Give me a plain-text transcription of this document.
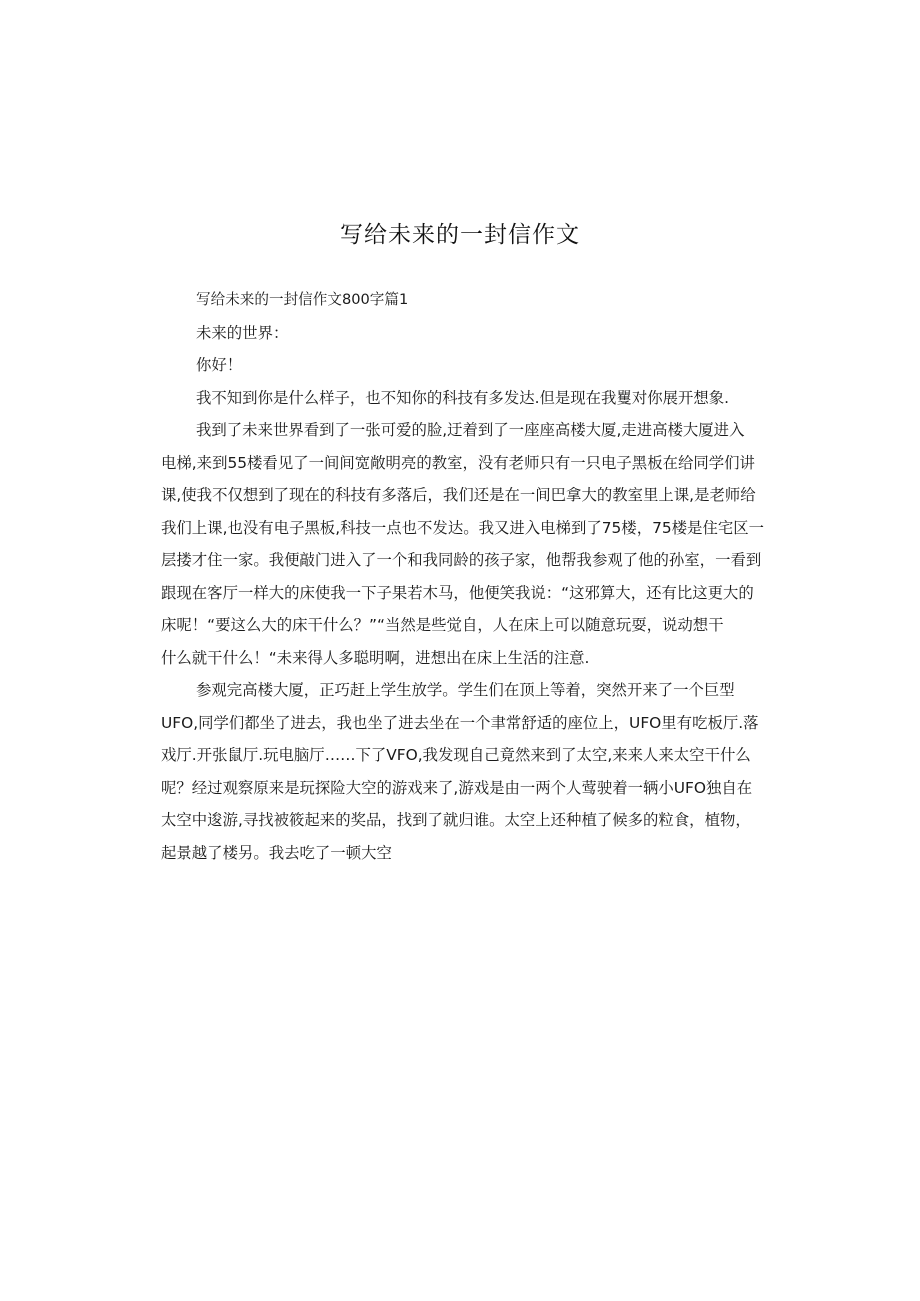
写给未来的一封信作文

写给未来的一封信作文800字篇1

未来的世界：

你好！

我不知到你是什么样子，也不知你的科技有多发达.但是现在我矍对你展开想象.

我到了未来世界看到了一张可爱的脸,迂着到了一座座高楼大厦,走进高楼大厦进入
电梯,来到55楼看见了一间间宽敞明亮的教室，没有老师只有一只电子黑板在给同学们讲
课,使我不仅想到了现在的科技有多落后，我们还是在一间巴拿大的教室里上课,是老师给
我们上课,也没有电子黑板,科技一点也不发达。我又进入电梯到了75楼，75楼是住宅区一
层搂才住一家。我便敲门进入了一个和我同龄的孩子家，他帮我参观了他的孙室，一看到
跟现在客厅一样大的床使我一下子果若木马，他便笑我说：“这邪算大，还有比这更大的
床呢！“要这么大的床干什么？”“当然是些觉自，人在床上可以随意玩耍，说动想干
什么就干什么！“未来得人多聪明啊，进想出在床上生活的注意.

参观完高楼大厦，正巧赶上学生放学。学生们在顶上等着，突然开来了一个巨型
UFO,同学们都坐了进去，我也坐了进去坐在一个聿常舒适的座位上，UFO里有吃板厅.落
戏厅.开张鼠厅.玩电脑厅……下了VFO,我发现自己竟然来到了太空,来来人来太空干什么
呢？经过观察原来是玩探险大空的游戏来了,游戏是由一两个人莺驶着一辆小UFO独自在
太空中逡游,寻找被筱起来的奖品，找到了就归谁。太空上还种植了候多的粒食，植物，
起景越了楼另。我去吃了一顿大空
